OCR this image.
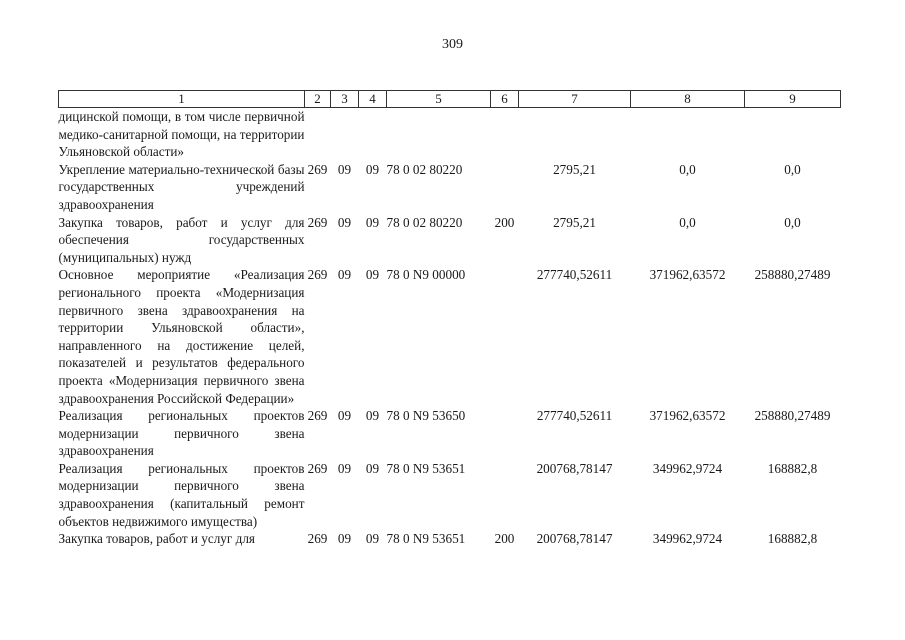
309
1	2	3	4	5	6	7	8	9

дицинской помощи, в том числе первичной медико-санитарной помощи, на территории Ульяновской области»								

Укрепление материально-технической базы государственных учреждений здравоохранения	269	09	09	78 0 02 80220		2795,21	0,0	0,0

Закупка товаров, работ и услуг для обеспечения государственных (муниципальных) нужд	269	09	09	78 0 02 80220	200	2795,21	0,0	0,0

Основное мероприятие «Реализация регионального проекта «Модернизация первичного звена здравоохранения на территории Ульяновской области», направленного на достижение целей, показателей и результатов федерального проекта «Модернизация первичного звена здравоохранения Российской Федерации»	269	09	09	78 0 N9 00000		277740,52611	371962,63572	258880,27489

Реализация региональных проектов модернизации первичного звена здравоохранения	269	09	09	78 0 N9 53650		277740,52611	371962,63572	258880,27489

Реализация региональных проектов модернизации первичного звена здравоохранения (капитальный ремонт объектов недвижимого имущества)	269	09	09	78 0 N9 53651		200768,78147	349962,9724	168882,8

Закупка товаров, работ и услуг для	269	09	09	78 0 N9 53651	200	200768,78147	349962,9724	168882,8
